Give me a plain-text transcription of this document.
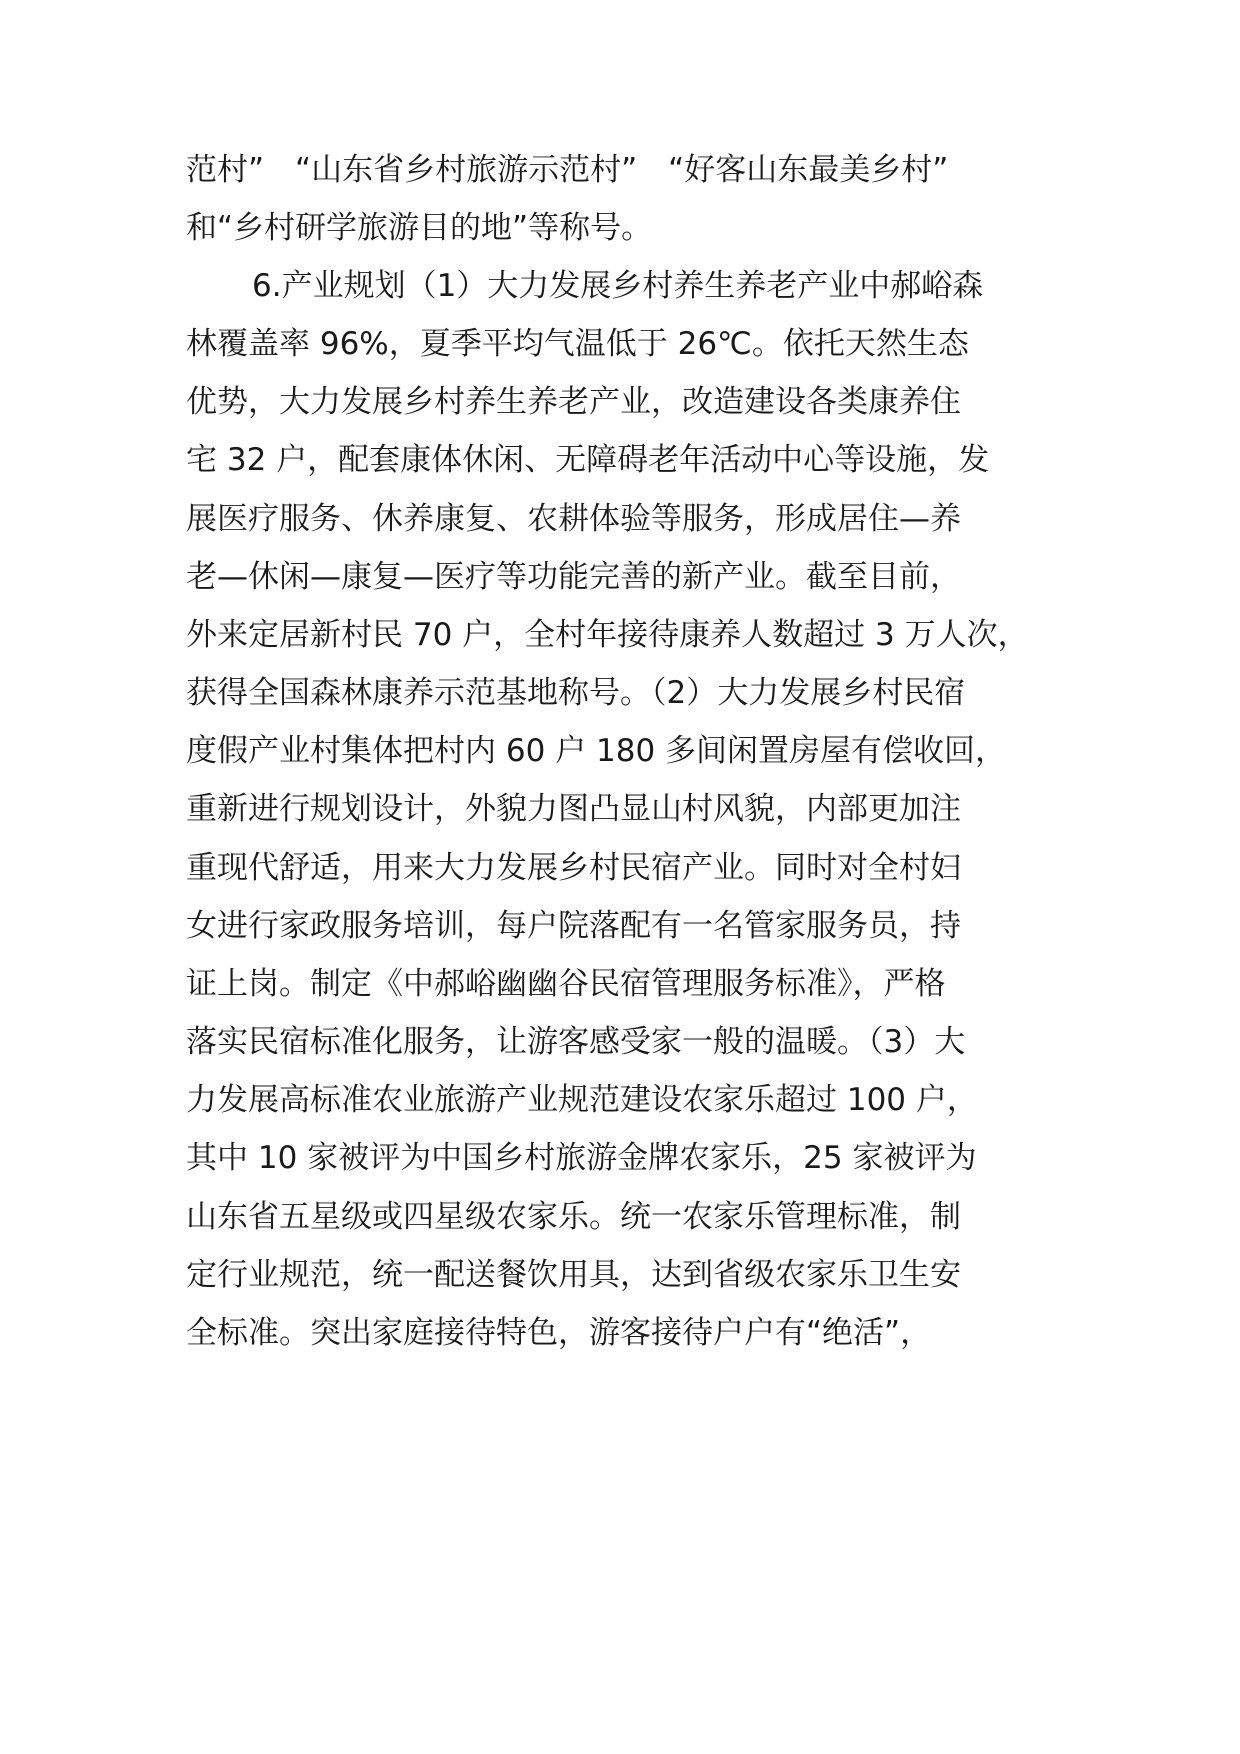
范村”　“山东省乡村旅游示范村”　“好客山东最美乡村”
和“乡村研学旅游目的地”等称号。
6.产业规划（1）大力发展乡村养生养老产业中郝峪森
林覆盖率 96%，夏季平均气温低于 26℃。依托天然生态
优势，大力发展乡村养生养老产业，改造建设各类康养住
宅 32 户，配套康体休闲、无障碍老年活动中心等设施，发
展医疗服务、休养康复、农耕体验等服务，形成居住—养
老—休闲—康复—医疗等功能完善的新产业。截至目前，
外来定居新村民 70 户，全村年接待康养人数超过 3 万人次，
获得全国森林康养示范基地称号。（2）大力发展乡村民宿
度假产业村集体把村内 60 户 180 多间闲置房屋有偿收回，
重新进行规划设计，外貌力图凸显山村风貌，内部更加注
重现代舒适，用来大力发展乡村民宿产业。同时对全村妇
女进行家政服务培训，每户院落配有一名管家服务员，持
证上岗。制定《中郝峪幽幽谷民宿管理服务标准》，严格
落实民宿标准化服务，让游客感受家一般的温暖。（3）大
力发展高标准农业旅游产业规范建设农家乐超过 100 户，
其中 10 家被评为中国乡村旅游金牌农家乐，25 家被评为
山东省五星级或四星级农家乐。统一农家乐管理标准，制
定行业规范，统一配送餐饮用具，达到省级农家乐卫生安
全标准。突出家庭接待特色，游客接待户户有“绝活”，
